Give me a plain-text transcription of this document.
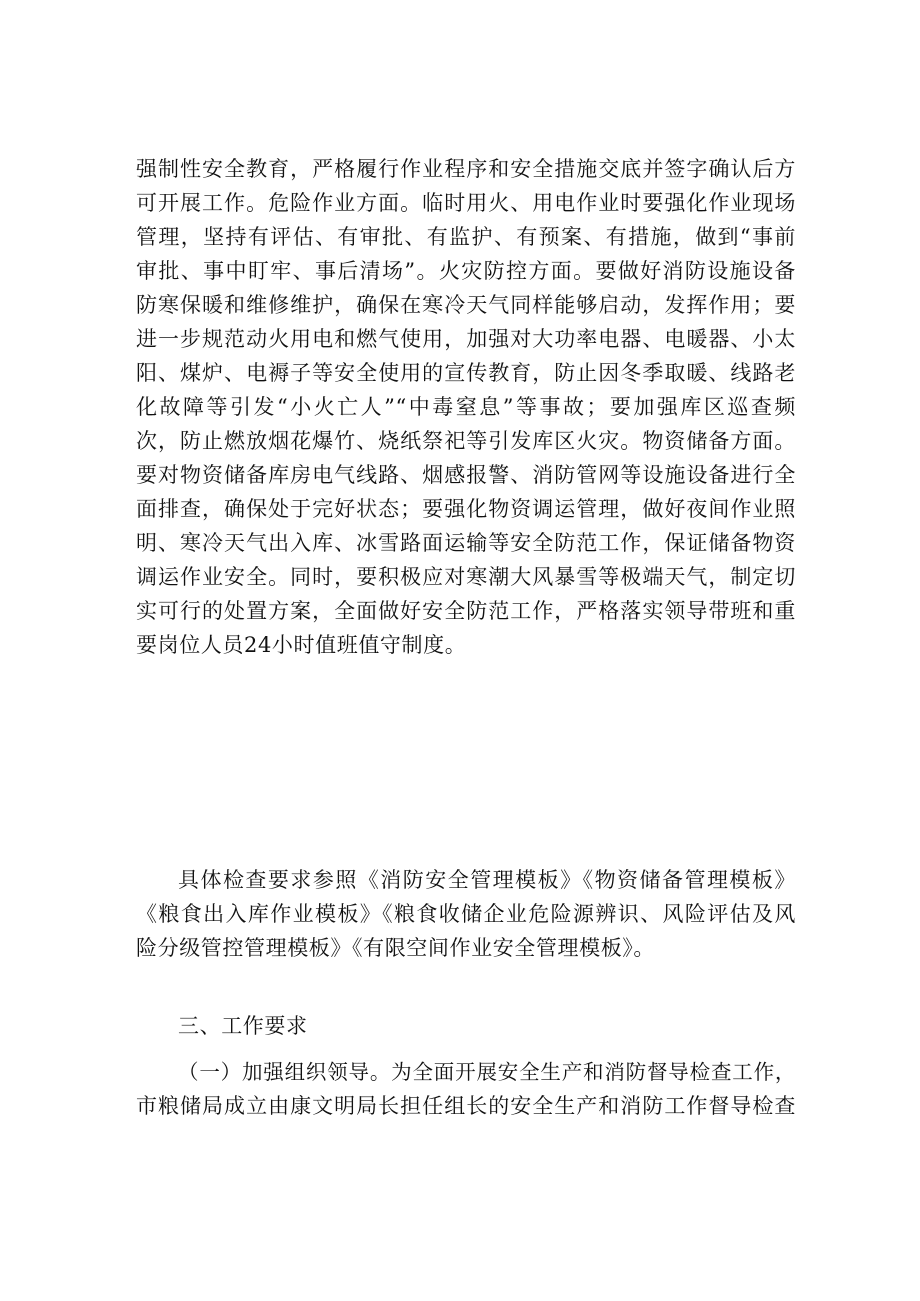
强制性安全教育，严格履行作业程序和安全措施交底并签字确认后方
可开展工作。危险作业方面。临时用火、用电作业时要强化作业现场
管理，坚持有评估、有审批、有监护、有预案、有措施，做到“事前
审批、事中盯牢、事后清场”。火灾防控方面。要做好消防设施设备
防寒保暖和维修维护，确保在寒冷天气同样能够启动，发挥作用；要
进一步规范动火用电和燃气使用，加强对大功率电器、电暖器、小太
阳、煤炉、电褥子等安全使用的宣传教育，防止因冬季取暖、线路老
化故障等引发“小火亡人”“中毒窒息”等事故；要加强库区巡查频
次，防止燃放烟花爆竹、烧纸祭祀等引发库区火灾。物资储备方面。
要对物资储备库房电气线路、烟感报警、消防管网等设施设备进行全
面排查，确保处于完好状态；要强化物资调运管理，做好夜间作业照
明、寒冷天气出入库、冰雪路面运输等安全防范工作，保证储备物资
调运作业安全。同时，要积极应对寒潮大风暴雪等极端天气，制定切
实可行的处置方案，全面做好安全防范工作，严格落实领导带班和重
要岗位人员24小时值班值守制度。
具体检查要求参照《消防安全管理模板》《物资储备管理模板》
《粮食出入库作业模板》《粮食收储企业危险源辨识、风险评估及风
险分级管控管理模板》《有限空间作业安全管理模板》。
三、工作要求
（一）加强组织领导。为全面开展安全生产和消防督导检查工作，
市粮储局成立由康文明局长担任组长的安全生产和消防工作督导检查
